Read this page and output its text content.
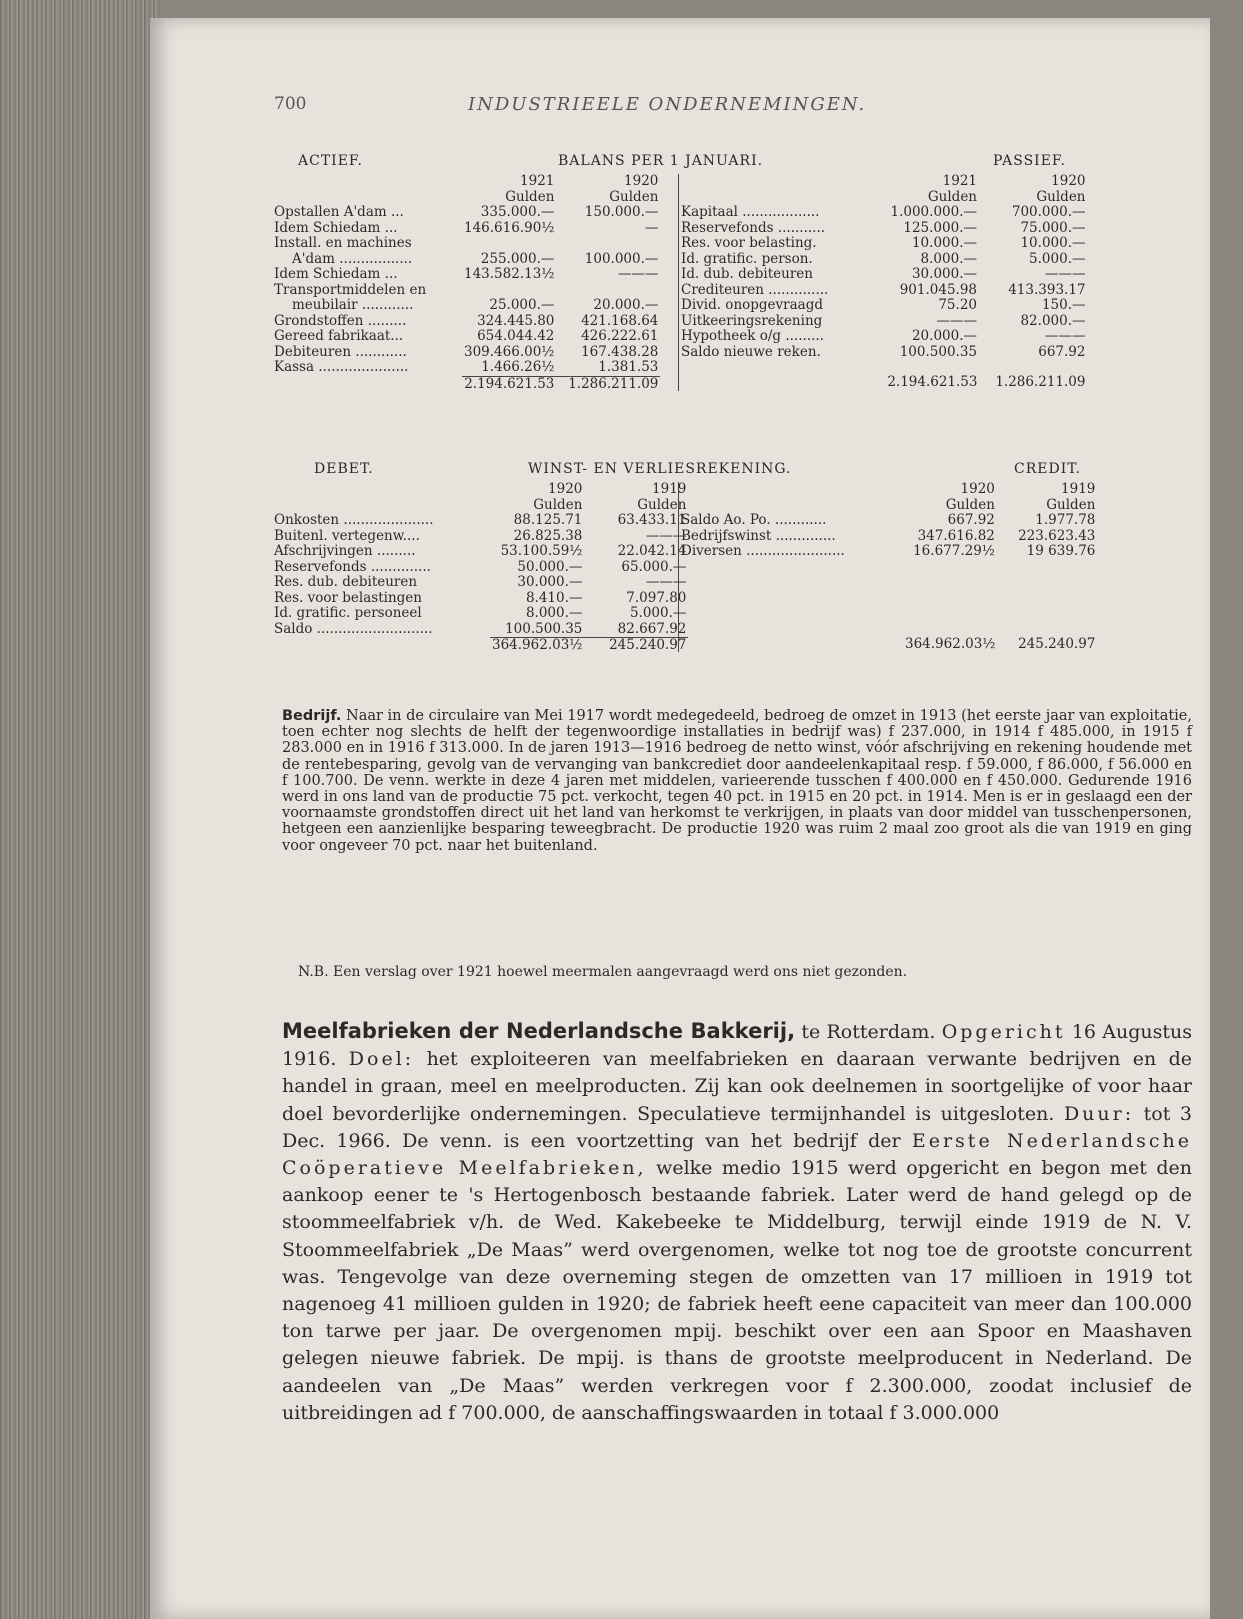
700	INDUSTRIEELE ONDERNEMINGEN.
ACTIEF.	BALANS PER 1 JANUARI.	PASSIEF.
	1921	1920
	Gulden	Gulden
Opstallen A'dam ...	335.000.—	150.000.—
Idem Schiedam ...	146.616.90½	—
Install. en machines		
A'dam .................	255.000.—	100.000.—
Idem Schiedam ...	143.582.13½	———
Transportmiddelen en		
meubilair ............	25.000.—	20.000.—
Grondstoffen .........	324.445.80	421.168.64
Gereed fabrikaat...	654.044.42	426.222.61
Debiteuren ............	309.466.00½	167.438.28
Kassa .....................	1.466.26½	1.381.53
	2.194.621.53	1.286.211.09
	1921	1920
	Gulden	Gulden
Kapitaal ..................	1.000.000.—	700.000.—
Reservefonds ...........	125.000.—	75.000.—
Res. voor belasting.	10.000.—	10.000.—
Id. gratific. person.	8.000.—	5.000.—
Id. dub. debiteuren	30.000.—	———
Crediteuren ..............	901.045.98	413.393.17
Divid. onopgevraagd	75.20	150.—
Uitkeeringsrekening	———	82.000.—
Hypotheek o/g .........	20.000.—	———
Saldo nieuwe reken.	100.500.35	667.92

	2.194.621.53	1.286.211.09
DEBET.	WINST- EN VERLIESREKENING.	CREDIT.
	1920	1919
	Gulden	Gulden
Onkosten .....................	88.125.71	63.433.11
Buitenl. vertegenw....	26.825.38	———
Afschrijvingen .........	53.100.59½	22.042.14
Reservefonds ..............	50.000.—	65.000.—
Res. dub. debiteuren	30.000.—	———
Res. voor belastingen	8.410.—	7.097.80
Id. gratific. personeel	8.000.—	5.000.—
Saldo ...........................	100.500.35	82.667.92
	364.962.03½	245.240.97
	1920	1919
	Gulden	Gulden
Saldo Ao. Po. ............	667.92	1.977.78
Bedrijfswinst ..............	347.616.82	223.623.43
Diversen .......................	16.677.29½	19 639.76

	364.962.03½	245.240.97

Bedrijf. Naar in de circulaire van Mei 1917 wordt medegedeeld, bedroeg de omzet in 1913 (het eerste jaar van exploitatie, toen echter nog slechts de helft der tegenwoordige installaties in bedrijf was) f 237.000, in 1914 f 485.000, in 1915 f 283.000 en in 1916 f 313.000. In de jaren 1913—1916 bedroeg de netto winst, vóór afschrijving en rekening houdende met de rentebesparing, gevolg van de vervanging van bankcrediet door aandeelenkapitaal resp. f 59.000, f 86.000, f 56.000 en f 100.700. De venn. werkte in deze 4 jaren met middelen, varieerende tusschen f 400.000 en f 450.000. Gedurende 1916 werd in ons land van de productie 75 pct. verkocht, tegen 40 pct. in 1915 en 20 pct. in 1914. Men is er in geslaagd een der voornaamste grondstoffen direct uit het land van herkomst te verkrijgen, in plaats van door middel van tusschenpersonen, hetgeen een aanzienlijke besparing teweegbracht. De productie 1920 was ruim 2 maal zoo groot als die van 1919 en ging voor ongeveer 70 pct. naar het buitenland.

N.B. Een verslag over 1921 hoewel meermalen aangevraagd werd ons niet gezonden.

Meelfabrieken der Nederlandsche Bakkerij, te Rotterdam. Opgericht 16 Augustus 1916. Doel: het exploiteeren van meelfabrieken en daaraan verwante bedrijven en de handel in graan, meel en meelproducten. Zij kan ook deelnemen in soortgelijke of voor haar doel bevorderlijke ondernemingen. Speculatieve termijnhandel is uitgesloten. Duur: tot 3 Dec. 1966. De venn. is een voortzetting van het bedrijf der Eerste Nederlandsche Coöperatieve Meelfabrieken, welke medio 1915 werd opgericht en begon met den aankoop eener te 's Hertogenbosch bestaande fabriek. Later werd de hand gelegd op de stoommeelfabriek v/h. de Wed. Kakebeeke te Middelburg, terwijl einde 1919 de N. V. Stoommeelfabriek „De Maas” werd overgenomen, welke tot nog toe de grootste concurrent was. Tengevolge van deze overneming stegen de omzetten van 17 millioen in 1919 tot nagenoeg 41 millioen gulden in 1920; de fabriek heeft eene capaciteit van meer dan 100.000 ton tarwe per jaar. De overgenomen mpij. beschikt over een aan Spoor en Maashaven gelegen nieuwe fabriek. De mpij. is thans de grootste meelproducent in Nederland. De aandeelen van „De Maas” werden verkregen voor f 2.300.000, zoodat inclusief de uitbreidingen ad f 700.000, de aanschaffingswaarden in totaal f 3.000.000
